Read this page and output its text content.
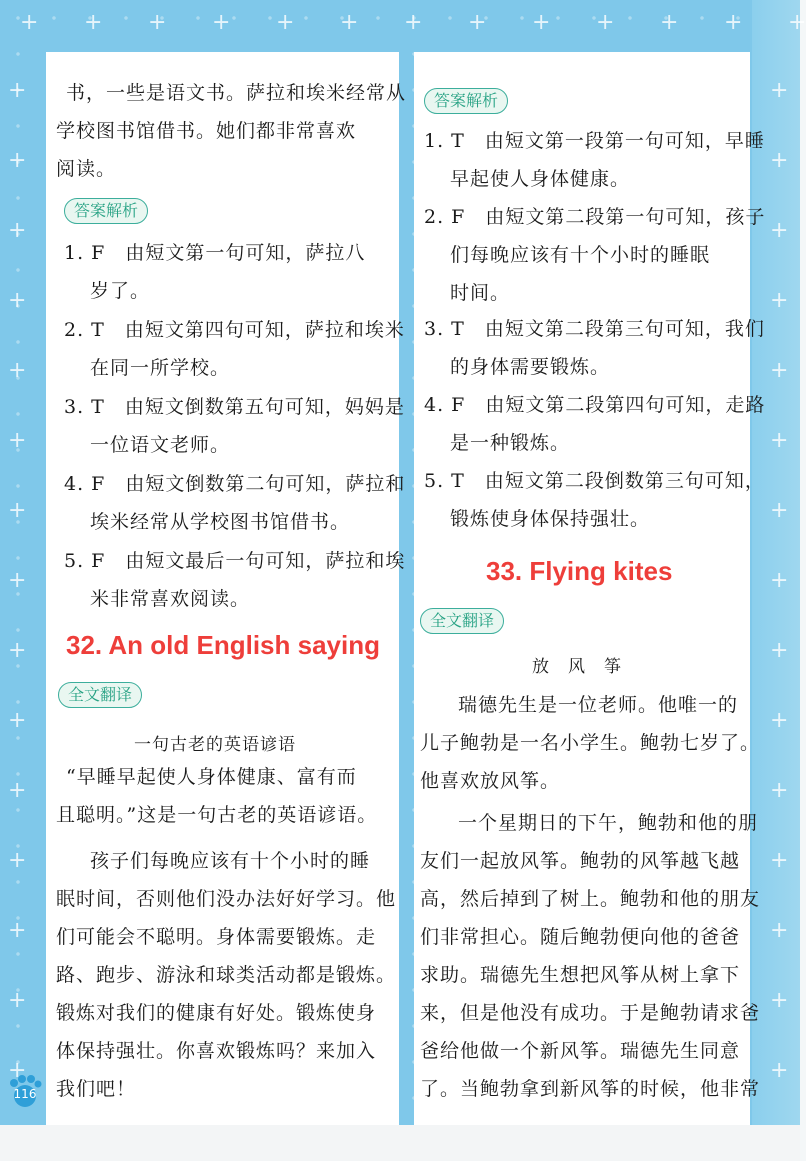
书，一些是语文书。萨拉和埃米经常从
学校图书馆借书。她们都非常喜欢
阅读。
答案解析
1. F　由短文第一句可知，萨拉八
岁了。
2. T　由短文第四句可知，萨拉和埃米
在同一所学校。
3. T　由短文倒数第五句可知，妈妈是
一位语文老师。
4. F　由短文倒数第二句可知，萨拉和
埃米经常从学校图书馆借书。
5. F　由短文最后一句可知，萨拉和埃
米非常喜欢阅读。
32. An old English saying
全文翻译
一句古老的英语谚语
“早睡早起使人身体健康、富有而
且聪明。”这是一句古老的英语谚语。
孩子们每晚应该有十个小时的睡
眠时间，否则他们没办法好好学习。他
们可能会不聪明。身体需要锻炼。走
路、跑步、游泳和球类活动都是锻炼。
锻炼对我们的健康有好处。锻炼使身
体保持强壮。你喜欢锻炼吗？来加入
我们吧！
答案解析
1. T　由短文第一段第一句可知，早睡
早起使人身体健康。
2. F　由短文第二段第一句可知，孩子
们每晚应该有十个小时的睡眠
时间。
3. T　由短文第二段第三句可知，我们
的身体需要锻炼。
4. F　由短文第二段第四句可知，走路
是一种锻炼。
5. T　由短文第二段倒数第三句可知，
锻炼使身体保持强壮。
33. Flying kites
全文翻译
放　风　筝
瑞德先生是一位老师。他唯一的
儿子鲍勃是一名小学生。鲍勃七岁了。
他喜欢放风筝。
一个星期日的下午，鲍勃和他的朋
友们一起放风筝。鲍勃的风筝越飞越
高，然后掉到了树上。鲍勃和他的朋友
们非常担心。随后鲍勃便向他的爸爸
求助。瑞德先生想把风筝从树上拿下
来，但是他没有成功。于是鲍勃请求爸
爸给他做一个新风筝。瑞德先生同意
了。当鲍勃拿到新风筝的时候，他非常
116
+ + + + + + + + + + + + +
+	+
+	+
+	+
+	+
+	+
+	+
+	+
+	+
+	+
+	+
+	+
+	+
+	+
+	+
+	+
